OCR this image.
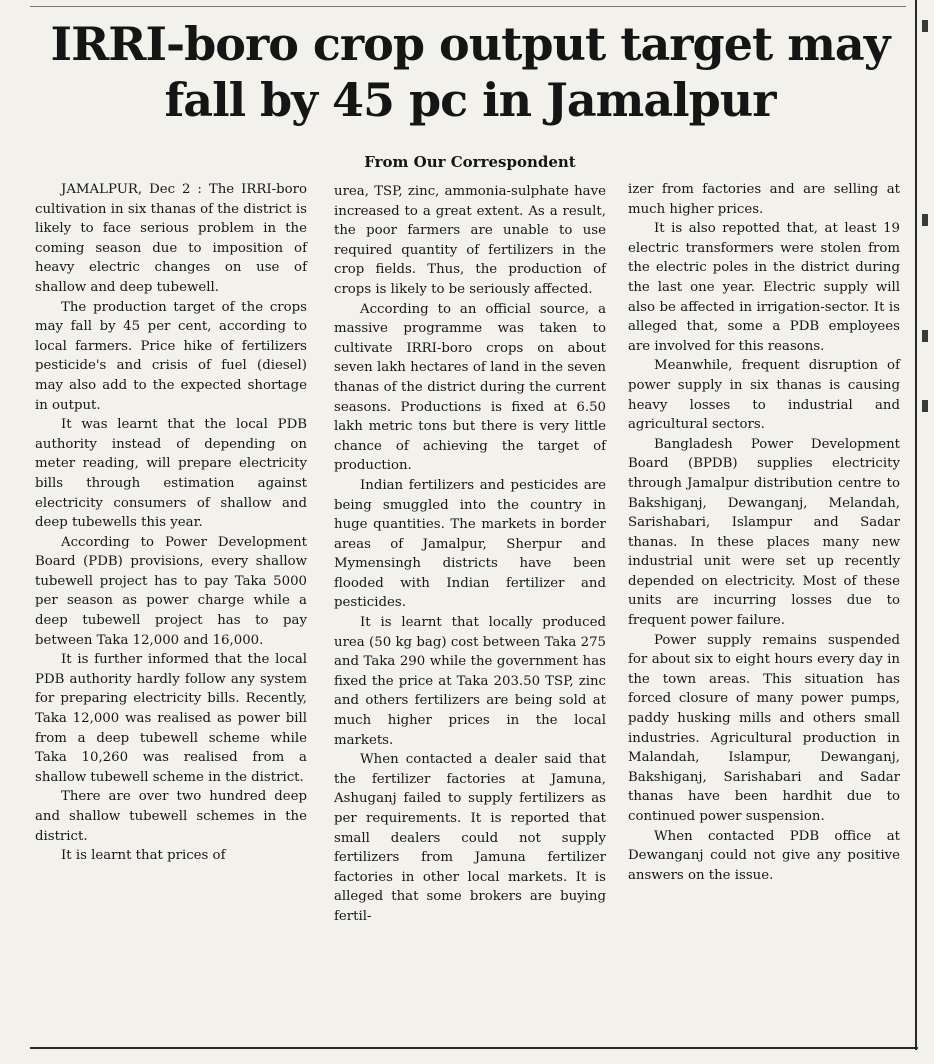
IRRI-boro crop output target may fall by 45 pc in Jamalpur
From Our Correspondent

JAMALPUR, Dec 2 : The IRRI-boro cultivation in six thanas of the district is likely to face serious problem in the coming season due to imposition of heavy electric changes on use of shallow and deep tubewell.

The production target of the crops may fall by 45 per cent, according to local farmers. Price hike of fertilizers pesticide's and crisis of fuel (diesel) may also add to the expected shortage in output.

It was learnt that the local PDB authority instead of depending on meter reading, will prepare electricity bills through estimation against electricity consumers of shallow and deep tubewells this year.

According to Power Development Board (PDB) provisions, every shallow tubewell project has to pay Taka 5000 per season as power charge while a deep tubewell project has to pay between Taka 12,000 and 16,000.

It is further informed that the local PDB authority hardly follow any system for preparing electricity bills. Recently, Taka 12,000 was realised as power bill from a deep tubewell scheme while Taka 10,260 was realised from a shallow tubewell scheme in the district.

There are over two hundred deep and shallow tubewell schemes in the district.

It is learnt that prices of

urea, TSP, zinc, ammonia-sulphate have increased to a great extent. As a result, the poor farmers are unable to use required quantity of fertilizers in the crop fields. Thus, the production of crops is likely to be seriously affected.

According to an official source, a massive programme was taken to cultivate IRRI-boro crops on about seven lakh hectares of land in the seven thanas of the district during the current seasons. Productions is fixed at 6.50 lakh metric tons but there is very little chance of achieving the target of production.

Indian fertilizers and pesticides are being smuggled into the country in huge quantities. The markets in border areas of Jamalpur, Sherpur and Mymensingh districts have been flooded with Indian fertilizer and pesticides.

It is learnt that locally produced urea (50 kg bag) cost between Taka 275 and Taka 290 while the government has fixed the price at Taka 203.50 TSP, zinc and others fertilizers are being sold at much higher prices in the local markets.

When contacted a dealer said that the fertilizer factories at Jamuna, Ashuganj failed to supply fertilizers as per requirements. It is reported that small dealers could not supply fertilizers from Jamuna fertilizer factories in other local markets. It is alleged that some brokers are buying fertil-

izer from factories and are selling at much higher prices.

It is also repotted that, at least 19 electric transformers were stolen from the electric poles in the district during the last one year. Electric supply will also be affected in irrigation-sector. It is alleged that, some a PDB employees are involved for this reasons.

Meanwhile, frequent disruption of power supply in six thanas is causing heavy losses to industrial and agricultural sectors.

Bangladesh Power Development Board (BPDB) supplies electricity through Jamalpur distribution centre to Bakshiganj, Dewanganj, Melandah, Sarishabari, Islampur and Sadar thanas. In these places many new industrial unit were set up recently depended on electricity. Most of these units are incurring losses due to frequent power failure.

Power supply remains suspended for about six to eight hours every day in the town areas. This situation has forced closure of many power pumps, paddy husking mills and others small industries. Agricultural production in Malandah, Islampur, Dewanganj, Bakshiganj, Sarishabari and Sadar thanas have been hardhit due to continued power suspension.

When contacted PDB office at Dewanganj could not give any positive answers on the issue.
